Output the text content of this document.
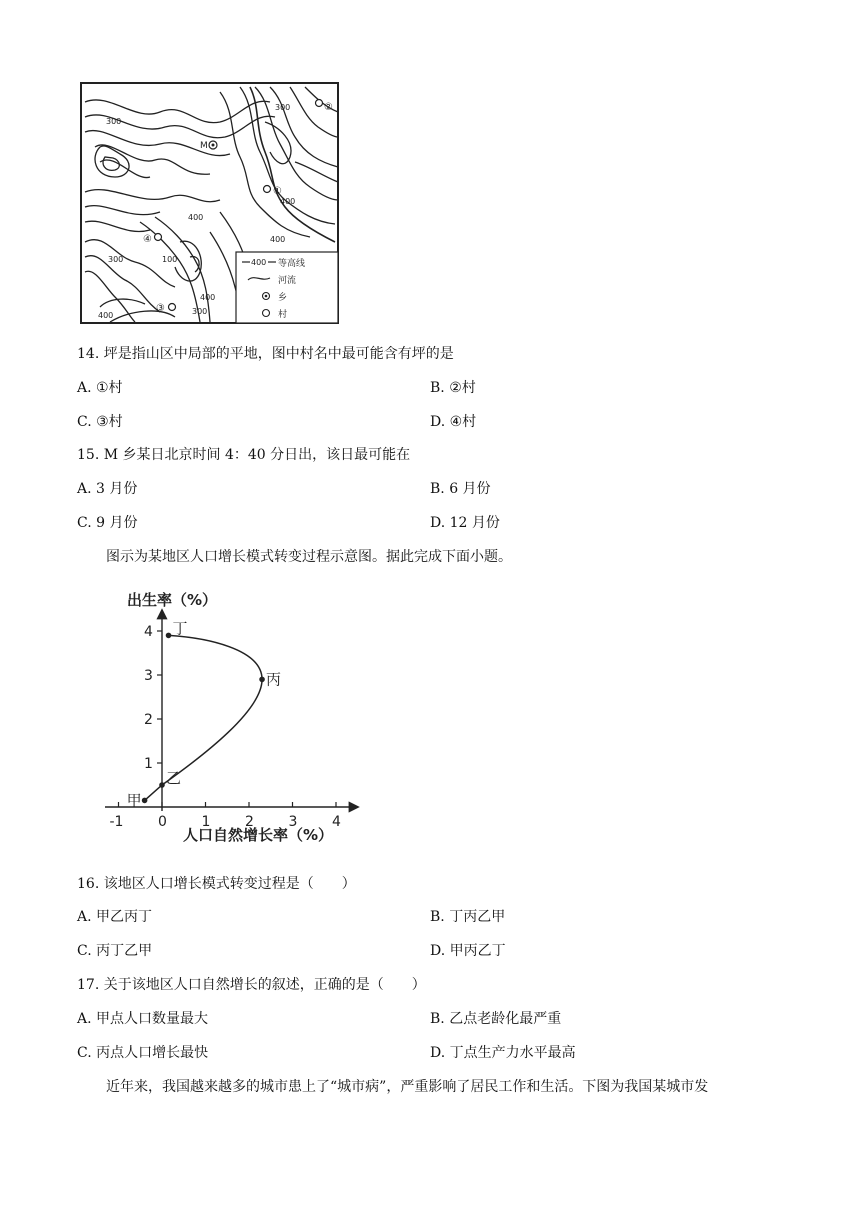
300
300
400
400
400
400
400
300	100
300
M
①
②
③
④
400 等高线
河流
乡
村
14. 坪是指山区中局部的平地，图中村名中最可能含有坪的是
A. ①村	B. ②村
C. ③村	D. ④村
15. M 乡某日北京时间 4：40 分日出，该日最可能在
A. 3 月份	B. 6 月份
C. 9 月份	D. 12 月份
图示为某地区人口增长模式转变过程示意图。据此完成下面小题。
出生率（%）
人口自然增长率（%）
-1 0 1 2 3 4
1
2
3
4
甲
乙
丙
丁
16. 该地区人口增长模式转变过程是（　　）
A. 甲乙丙丁	B. 丁丙乙甲
C. 丙丁乙甲	D. 甲丙乙丁
17. 关于该地区人口自然增长的叙述，正确的是（　　）
A. 甲点人口数量最大	B. 乙点老龄化最严重
C. 丙点人口增长最快	D. 丁点生产力水平最高
近年来，我国越来越多的城市患上了“城市病”，严重影响了居民工作和生活。下图为我国某城市发
